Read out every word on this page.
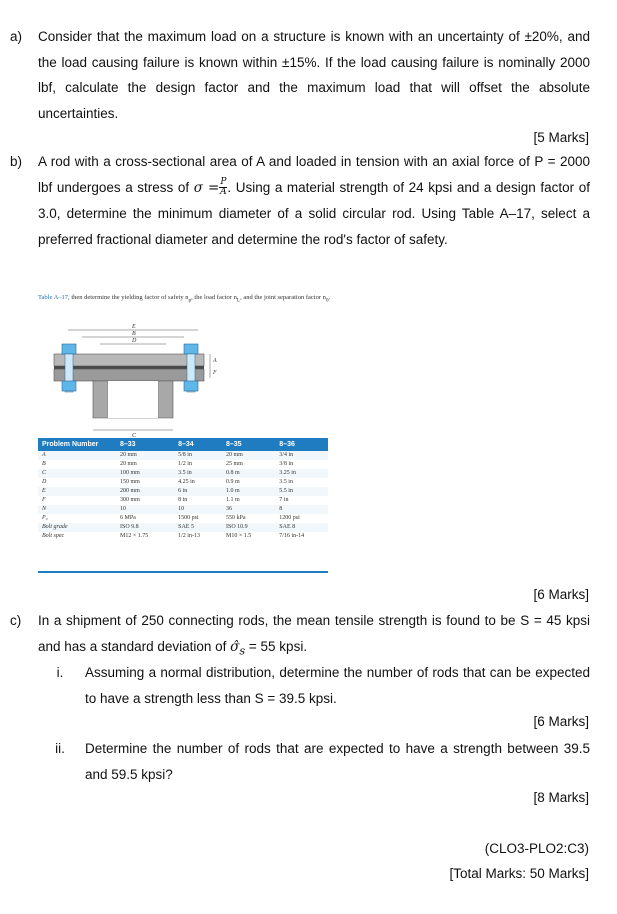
a) Consider that the maximum load on a structure is known with an uncertainty of ±20%, and the load causing failure is known within ±15%. If the load causing failure is nominally 2000 lbf, calculate the design factor and the maximum load that will offset the absolute uncertainties.
[5 Marks]
b) A rod with a cross-sectional area of A and loaded in tension with an axial force of P = 2000 lbf undergoes a stress of $\sigma = \frac{P}{A}$ . Using a material strength of 24 kpsi and a design factor of 3.0, determine the minimum diameter of a solid circular rod. Using Table A–17, select a preferred fractional diameter and determine the rod's factor of safety.
Table A–17, then determine the yielding factor of safety $n_p$, the load factor $n_L$, and the joint separation factor $n_0$.
E
B
D
A
C
F
Problem Number	8–33	8–34	8–35	8–36
A	20 mm	5/8 in	20 mm	3/4 in
B	20 mm	1/2 in	25 mm	3/8 in
C	100 mm	3.5 in	0.8 m	3.25 in
D	150 mm	4.25 in	0.9 m	3.5 in
E	200 mm	6 in	1.0 m	5.5 in
F	300 mm	8 in	1.1 m	7 in
N	10	10	36	8
P₀	6 MPa	1500 psi	550 kPa	1200 psi
Bolt grade	ISO 9.8	SAE 5	ISO 10.9	SAE 8
Bolt spec	M12 × 1.75	1/2 in-13	M10 × 1.5	7/16 in-14
[6 Marks]
c) In a shipment of 250 connecting rods, the mean tensile strength is found to be S = 45 kpsi and has a standard deviation of $\sigmâ_s = 55$ kpsi.
i.	Assuming a normal distribution, determine the number of rods that can be expected to have a strength less than S = 39.5 kpsi.
[6 Marks]
ii.	Determine the number of rods that are expected to have a strength between 39.5 and 59.5 kpsi?
[8 Marks]
(CLO3-PLO2:C3)
[Total Marks: 50 Marks]
